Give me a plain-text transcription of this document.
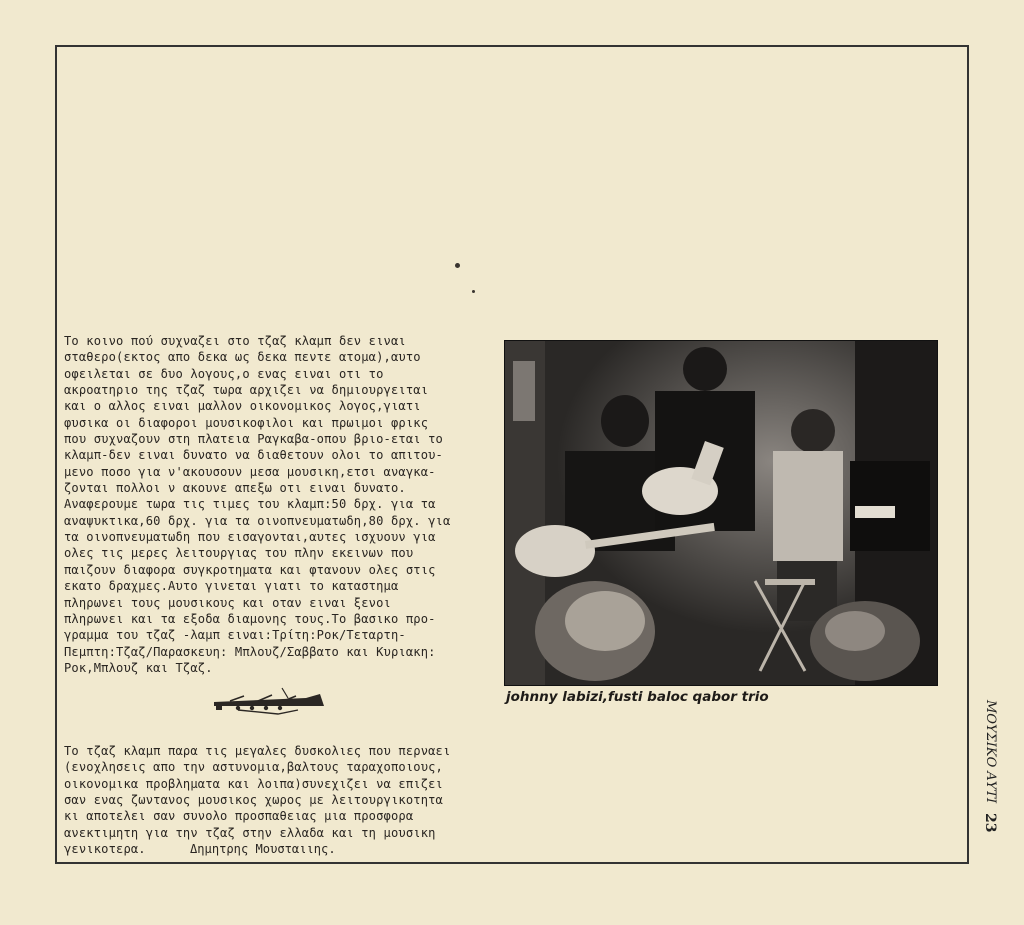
Το κοινο πού συχναζει στο τζαζ κλαμπ δεν ειναι
σταθερο(εκτος απο δεκα ως δεκα πεντε ατομα),αυτο
οφειλεται σε δυο λογους,ο ενας ειναι οτι το
ακροατηριο της τζαζ τωρα αρχιζει να δημιουργειται
και ο αλλος ειναι μαλλον οικονομικος λογος,γιατι
φυσικα οι διαφοροι μουσικοφιλοι και πρωιμοι φρικς
που συχναζουν στη πλατεια Ραγκαβα-οπου βριο-εται το
κλαμπ-δεν ειναι δυνατο να διαθετουν ολοι το απιτου-
μενο ποσο για ν'ακουσουν μεσα μουσικη,ετσι αναγκα-
ζονται πολλοι ν ακουνε απεξω οτι ειναι δυνατο.
Αναφερουμε τωρα τις τιμες του κλαμπ:50 δρχ. για τα
αναψυκτικα,60 δρχ. για τα οινοπνευματωδη,80 δρχ. για
τα οινοπνευματωδη που εισαγονται,αυτες ισχυουν για
ολες τις μερες λειτουργιας του πλην εκεινων που
παιζουν διαφορα συγκροτηματα και φτανουν ολες στις
εκατο δραχμες.Αυτο γινεται γιατι το καταστημα
πληρωνει τους μουσικους και οταν ειναι ξενοι
πληρωνει και τα εξοδα διαμονης τους.Το βασικο προ-
γραμμα του τζαζ -λαμπ ειναι:Τρίτη:Ροκ/Τεταρτη-
Πεμπτη:Τζαζ/Παρασκευη: Μπλουζ/Σαββατο και Κυριακη:
Ροκ,Μπλουζ και Τζαζ.
Το τζαζ κλαμπ παρα τις μεγαλες δυσκολιες που περναει
(ενοχλησεις απο την αστυνομια,βαλτους ταραχοποιους,
οικονομικα προβληματα και λοιπα)συνεχιζει να επιζει
σαν ενας ζωντανος μουσικος χωρος με λειτουργικοτητα
κι αποτελει σαν συνολο προσπαθειας μια προσφορα
ανεκτιμητη για την τζαζ στην ελλαδα και τη μουσικη
γενικοτερα.	Δημητρης Μουσταιιης.
johnny labizi,fusti baloc qabor trio
ΜΟΥΣΙΚΟ ΑΥΤΙ 23
